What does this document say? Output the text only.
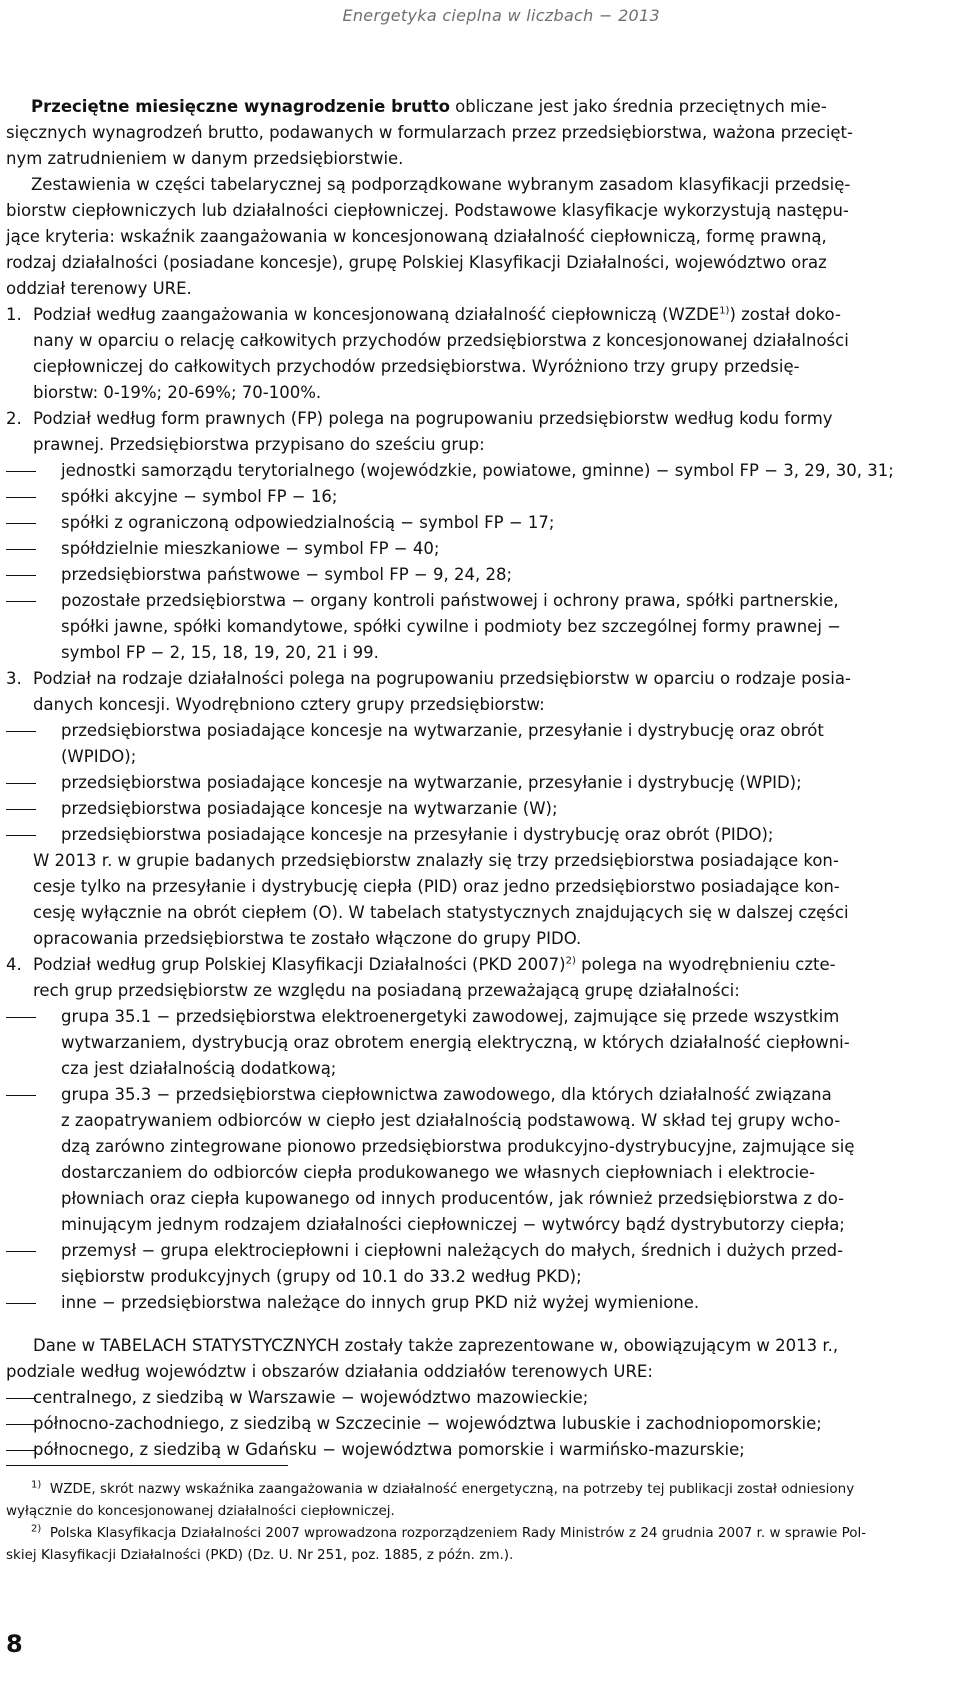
Energetyka cieplna w liczbach − 2013
Przeciętne miesięczne wynagrodzenie brutto obliczane jest jako średnia przeciętnych mie-
sięcznych wynagrodzeń brutto, podawanych w formularzach przez przedsiębiorstwa, ważona przecięt-
nym zatrudnieniem w danym przedsiębiorstwie.
Zestawienia w części tabelarycznej są podporządkowane wybranym zasadom klasyfikacji przedsię-
biorstw ciepłowniczych lub działalności ciepłowniczej. Podstawowe klasyfikacje wykorzystują następu-
jące kryteria: wskaźnik zaangażowania w koncesjonowaną działalność ciepłowniczą, formę prawną,
rodzaj działalności (posiadane koncesje), grupę Polskiej Klasyfikacji Działalności, województwo oraz
oddział terenowy URE.
1. Podział według zaangażowania w koncesjonowaną działalność ciepłowniczą (WZDE$^{1)}$) został doko-
nany w oparciu o relację całkowitych przychodów przedsiębiorstwa z koncesjonowanej działalności
ciepłowniczej do całkowitych przychodów przedsiębiorstwa. Wyróżniono trzy grupy przedsię-
biorstw: 0-19%; 20-69%; 70-100%.
2. Podział według form prawnych (FP) polega na pogrupowaniu przedsiębiorstw według kodu formy
prawnej. Przedsiębiorstwa przypisano do sześciu grup:
jednostki samorządu terytorialnego (wojewódzkie, powiatowe, gminne) − symbol FP − 3, 29, 30, 31;
spółki akcyjne − symbol FP − 16;
spółki z ograniczoną odpowiedzialnością − symbol FP − 17;
spółdzielnie mieszkaniowe − symbol FP − 40;
przedsiębiorstwa państwowe − symbol FP − 9, 24, 28;
pozostałe przedsiębiorstwa − organy kontroli państwowej i ochrony prawa, spółki partnerskie,
spółki jawne, spółki komandytowe, spółki cywilne i podmioty bez szczególnej formy prawnej −
symbol FP − 2, 15, 18, 19, 20, 21 i 99.
3. Podział na rodzaje działalności polega na pogrupowaniu przedsiębiorstw w oparciu o rodzaje posia-
danych koncesji. Wyodrębniono cztery grupy przedsiębiorstw:
przedsiębiorstwa posiadające koncesje na wytwarzanie, przesyłanie i dystrybucję oraz obrót
(WPIDO);
przedsiębiorstwa posiadające koncesje na wytwarzanie, przesyłanie i dystrybucję (WPID);
przedsiębiorstwa posiadające koncesje na wytwarzanie (W);
przedsiębiorstwa posiadające koncesje na przesyłanie i dystrybucję oraz obrót (PIDO);
W 2013 r. w grupie badanych przedsiębiorstw znalazły się trzy przedsiębiorstwa posiadające kon-
cesje tylko na przesyłanie i dystrybucję ciepła (PID) oraz jedno przedsiębiorstwo posiadające kon-
cesję wyłącznie na obrót ciepłem (O). W tabelach statystycznych znajdujących się w dalszej części
opracowania przedsiębiorstwa te zostało włączone do grupy PIDO.
4. Podział według grup Polskiej Klasyfikacji Działalności (PKD 2007)$^{2)}$ polega na wyodrębnieniu czte-
rech grup przedsiębiorstw ze względu na posiadaną przeważającą grupę działalności:
grupa 35.1 − przedsiębiorstwa elektroenergetyki zawodowej, zajmujące się przede wszystkim
wytwarzaniem, dystrybucją oraz obrotem energią elektryczną, w których działalność ciepłowni-
cza jest działalnością dodatkową;
grupa 35.3 − przedsiębiorstwa ciepłownictwa zawodowego, dla których działalność związana
z zaopatrywaniem odbiorców w ciepło jest działalnością podstawową. W skład tej grupy wcho-
dzą zarówno zintegrowane pionowo przedsiębiorstwa produkcyjno-dystrybucyjne, zajmujące się
dostarczaniem do odbiorców ciepła produkowanego we własnych ciepłowniach i elektrocie-
płowniach oraz ciepła kupowanego od innych producentów, jak również przedsiębiorstwa z do-
minującym jednym rodzajem działalności ciepłowniczej − wytwórcy bądź dystrybutorzy ciepła;
przemysł − grupa elektrociepłowni i ciepłowni należących do małych, średnich i dużych przed-
siębiorstw produkcyjnych (grupy od 10.1 do 33.2 według PKD);
inne − przedsiębiorstwa należące do innych grup PKD niż wyżej wymienione.
Dane w TABELACH STATYSTYCZNYCH zostały także zaprezentowane w, obowiązującym w 2013 r.,
podziale według województw i obszarów działania oddziałów terenowych URE:
centralnego, z siedzibą w Warszawie − województwo mazowieckie;
północno-zachodniego, z siedzibą w Szczecinie − województwa lubuskie i zachodniopomorskie;
północnego, z siedzibą w Gdańsku − województwa pomorskie i warmińsko-mazurskie;
$^{1)}$ WZDE, skrót nazwy wskaźnika zaangażowania w działalność energetyczną, na potrzeby tej publikacji został odniesiony
wyłącznie do koncesjonowanej działalności ciepłowniczej.
$^{2)}$ Polska Klasyfikacja Działalności 2007 wprowadzona rozporządzeniem Rady Ministrów z 24 grudnia 2007 r. w sprawie Pol-
skiej Klasyfikacji Działalności (PKD) (Dz. U. Nr 251, poz. 1885, z późn. zm.).
8
